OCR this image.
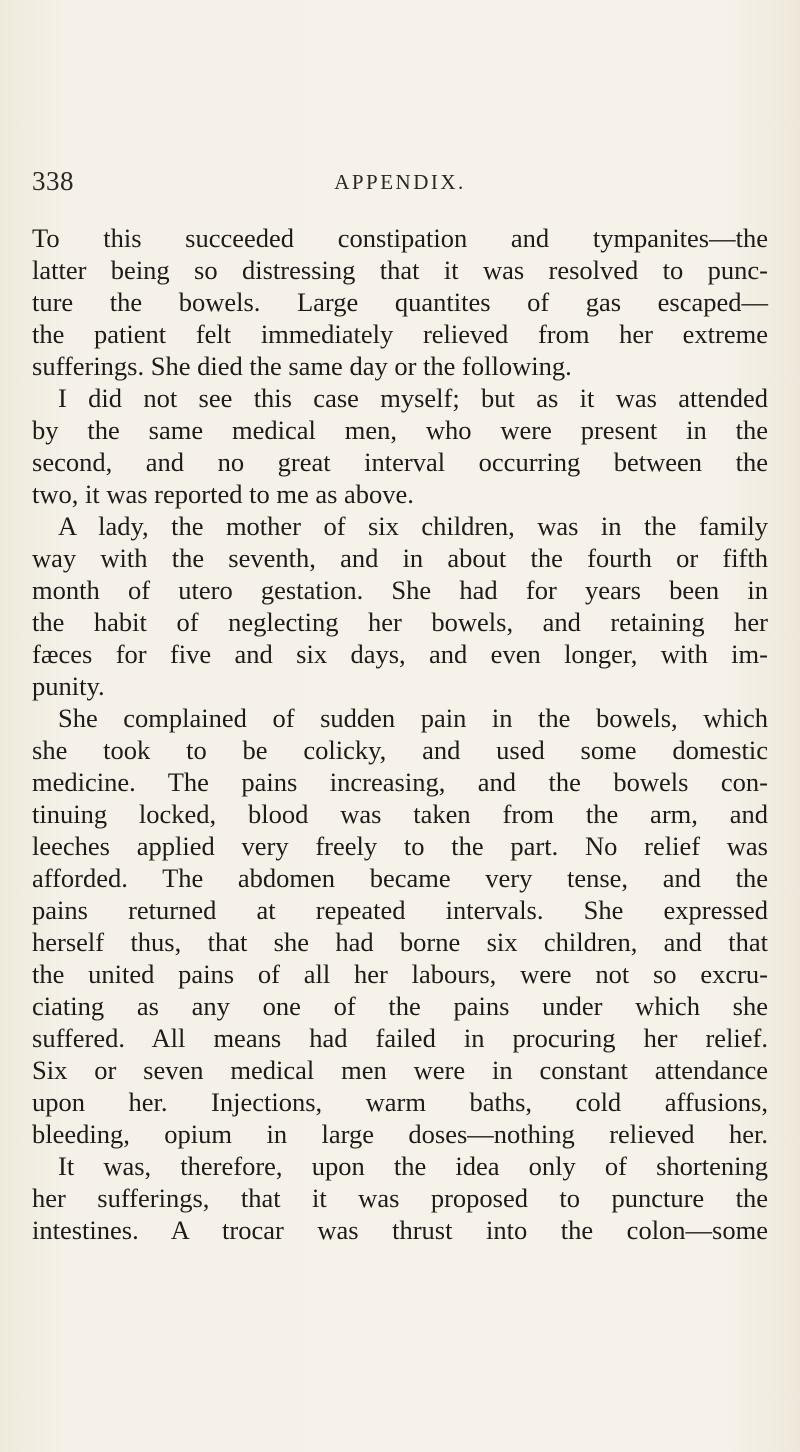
338	APPENDIX.
To this succeeded constipation and tympanites—the
latter being so distressing that it was resolved to punc-
ture the bowels. Large quantites of gas escaped—
the patient felt immediately relieved from her extreme
sufferings. She died the same day or the following.
I did not see this case myself; but as it was attended
by the same medical men, who were present in the
second, and no great interval occurring between the
two, it was reported to me as above.
A lady, the mother of six children, was in the family
way with the seventh, and in about the fourth or fifth
month of utero gestation. She had for years been in
the habit of neglecting her bowels, and retaining her
fæces for five and six days, and even longer, with im-
punity.
She complained of sudden pain in the bowels, which
she took to be colicky, and used some domestic
medicine. The pains increasing, and the bowels con-
tinuing locked, blood was taken from the arm, and
leeches applied very freely to the part. No relief was
afforded. The abdomen became very tense, and the
pains returned at repeated intervals. She expressed
herself thus, that she had borne six children, and that
the united pains of all her labours, were not so excru-
ciating as any one of the pains under which she
suffered. All means had failed in procuring her relief.
Six or seven medical men were in constant attendance
upon her. Injections, warm baths, cold affusions,
bleeding, opium in large doses—nothing relieved her.
It was, therefore, upon the idea only of shortening
her sufferings, that it was proposed to puncture the
intestines. A trocar was thrust into the colon—some
